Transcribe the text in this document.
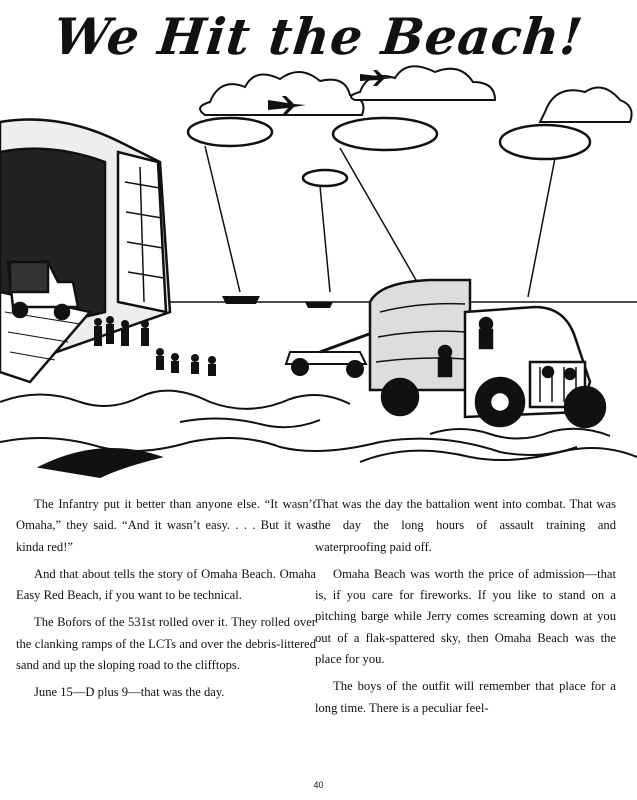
We Hit the Beach!

The Infantry put it better than anyone else. “It wasn’t Omaha,” they said. “And it wasn’t easy. . . . But it was kinda red!”

And that about tells the story of Omaha Beach. Omaha Easy Red Beach, if you want to be technical.

The Bofors of the 531st rolled over it. They rolled over the clanking ramps of the LCTs and over the debris-littered sand and up the sloping road to the clifftops.

June 15—D plus 9—that was the day.

That was the day the battalion went into combat. That was the day the long hours of assault training and waterproofing paid off.

Omaha Beach was worth the price of admission—that is, if you care for fireworks. If you like to stand on a pitching barge while Jerry comes screaming down at you out of a flak-spattered sky, then Omaha Beach was the place for you.

The boys of the outfit will remember that place for a long time. There is a peculiar feel-

40
